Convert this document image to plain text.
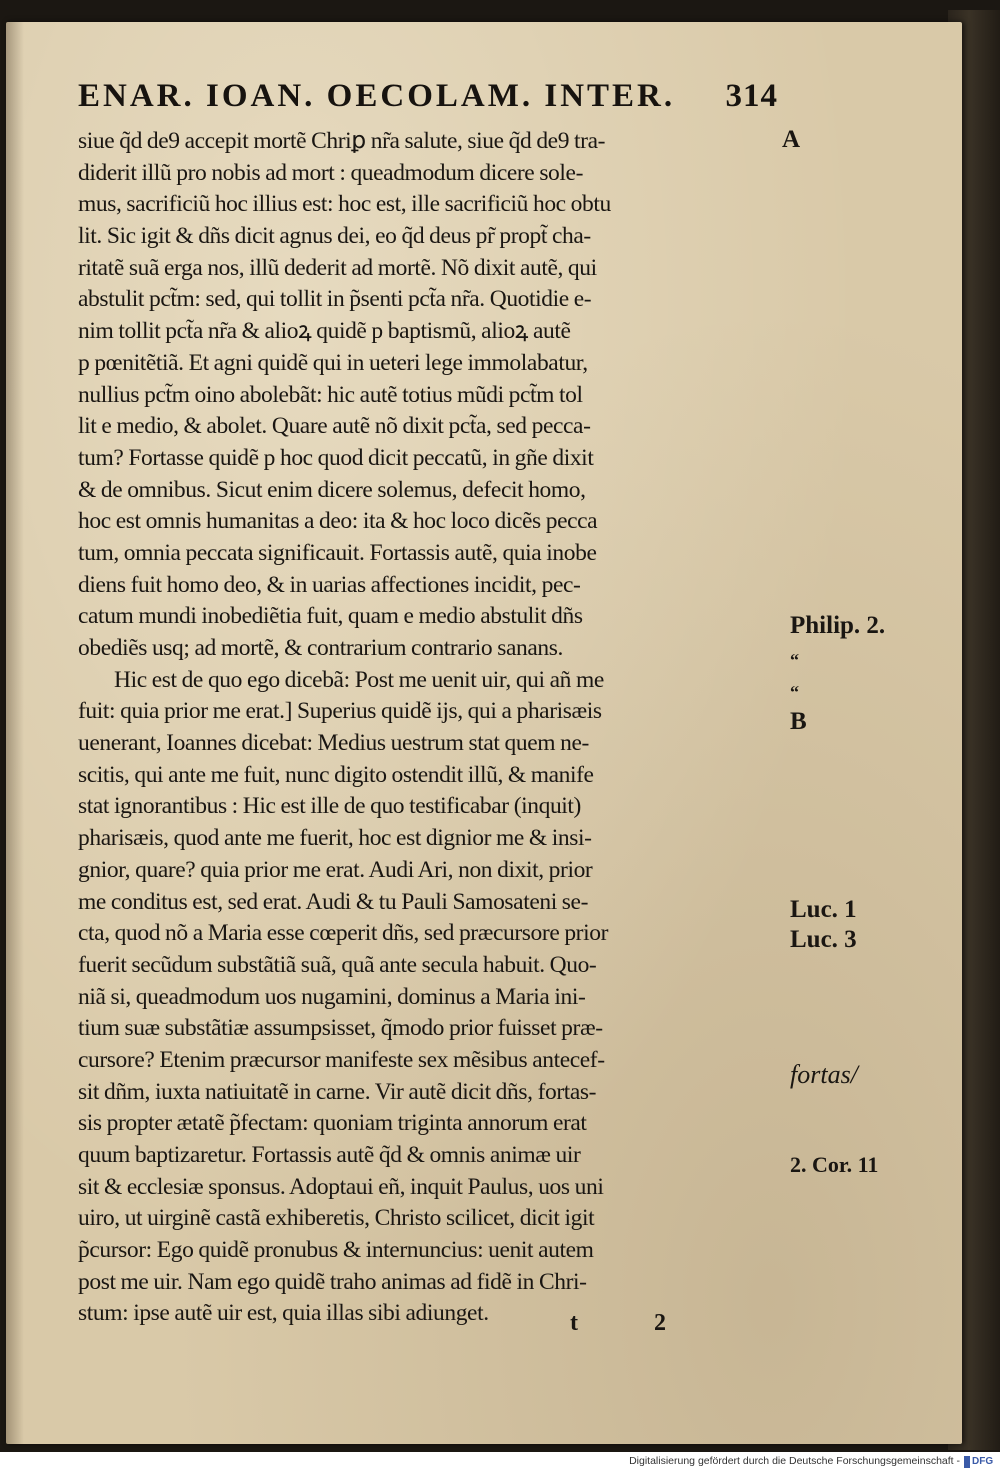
ENAR. IOAN. OECOLAM. INTER. 314
siue q̃d de9 accepit mortẽ Chriꝑ nr̃a salute, siue q̃d de9 tra-
diderit illũ pro nobis ad mort : queadmodum dicere sole-
mus, sacrificiũ hoc illius est: hoc est, ille sacrificiũ hoc obtu
lit. Sic igit & dñs dicit agnus dei, eo q̃d deus pr̃ propt̃ cha-
ritatẽ suã erga nos, illũ dederit ad mortẽ. Nõ dixit autẽ, qui
abstulit pct̃m: sed, qui tollit in p̃senti pct̃a nr̃a. Quotidie e-
nim tollit pct̃a nr̃a & alioꝝ quidẽ p baptismũ, alioꝝ autẽ
p pœnitẽtiã. Et agni quidẽ qui in ueteri lege immolabatur,
nullius pct̃m oino abolebãt: hic autẽ totius mũdi pct̃m tol
lit e medio, & abolet. Quare autẽ nõ dixit pct̃a, sed pecca-
tum? Fortasse quidẽ p hoc quod dicit peccatũ, in gñe dixit
& de omnibus. Sicut enim dicere solemus, defecit homo,
hoc est omnis humanitas a deo: ita & hoc loco dicẽs pecca
tum, omnia peccata significauit. Fortassis autẽ, quia inobe
diens fuit homo deo, & in uarias affectiones incidit, pec-
catum mundi inobediẽtia fuit, quam e medio abstulit dñs
obediẽs usq; ad mortẽ, & contrarium contrario sanans.
Hic est de quo ego dicebã: Post me uenit uir, qui añ me
fuit: quia prior me erat.] Superius quidẽ ijs, qui a pharisæis
uenerant, Ioannes dicebat: Medius uestrum stat quem ne-
scitis, qui ante me fuit, nunc digito ostendit illũ, & manife
stat ignorantibus : Hic est ille de quo testificabar (inquit)
pharisæis, quod ante me fuerit, hoc est dignior me & insi-
gnior, quare? quia prior me erat. Audi Ari, non dixit, prior
me conditus est, sed erat. Audi & tu Pauli Samosateni se-
cta, quod nõ a Maria esse cœperit dñs, sed præcursore prior
fuerit secũdum substãtiã suã, quã ante secula habuit. Quo-
niã si, queadmodum uos nugamini, dominus a Maria ini-
tium suæ substãtiæ assumpsisset, q̃modo prior fuisset præ-
cursore? Etenim præcursor manifeste sex mẽsibus antecef-
sit dñm, iuxta natiuitatẽ in carne. Vir autẽ dicit dñs, fortas-
sis propter ætatẽ p̃fectam: quoniam triginta annorum erat
quum baptizaretur. Fortassis autẽ q̃d & omnis animæ uir
sit & ecclesiæ sponsus. Adoptaui eñ, inquit Paulus, uos uni
uiro, ut uirginẽ castã exhiberetis, Christo scilicet, dicit igit
p̃cursor: Ego quidẽ pronubus & internuncius: uenit autem
post me uir. Nam ego quidẽ traho animas ad fidẽ in Chri-
stum: ipse autẽ uir est, quia illas sibi adiunget.
A
Philip. 2.
“
“
B
Luc. 1
Luc. 3
fortas/
2. Cor. 11
t 2
Digitalisierung gefördert durch die Deutsche Forschungsgemeinschaft - DFG
